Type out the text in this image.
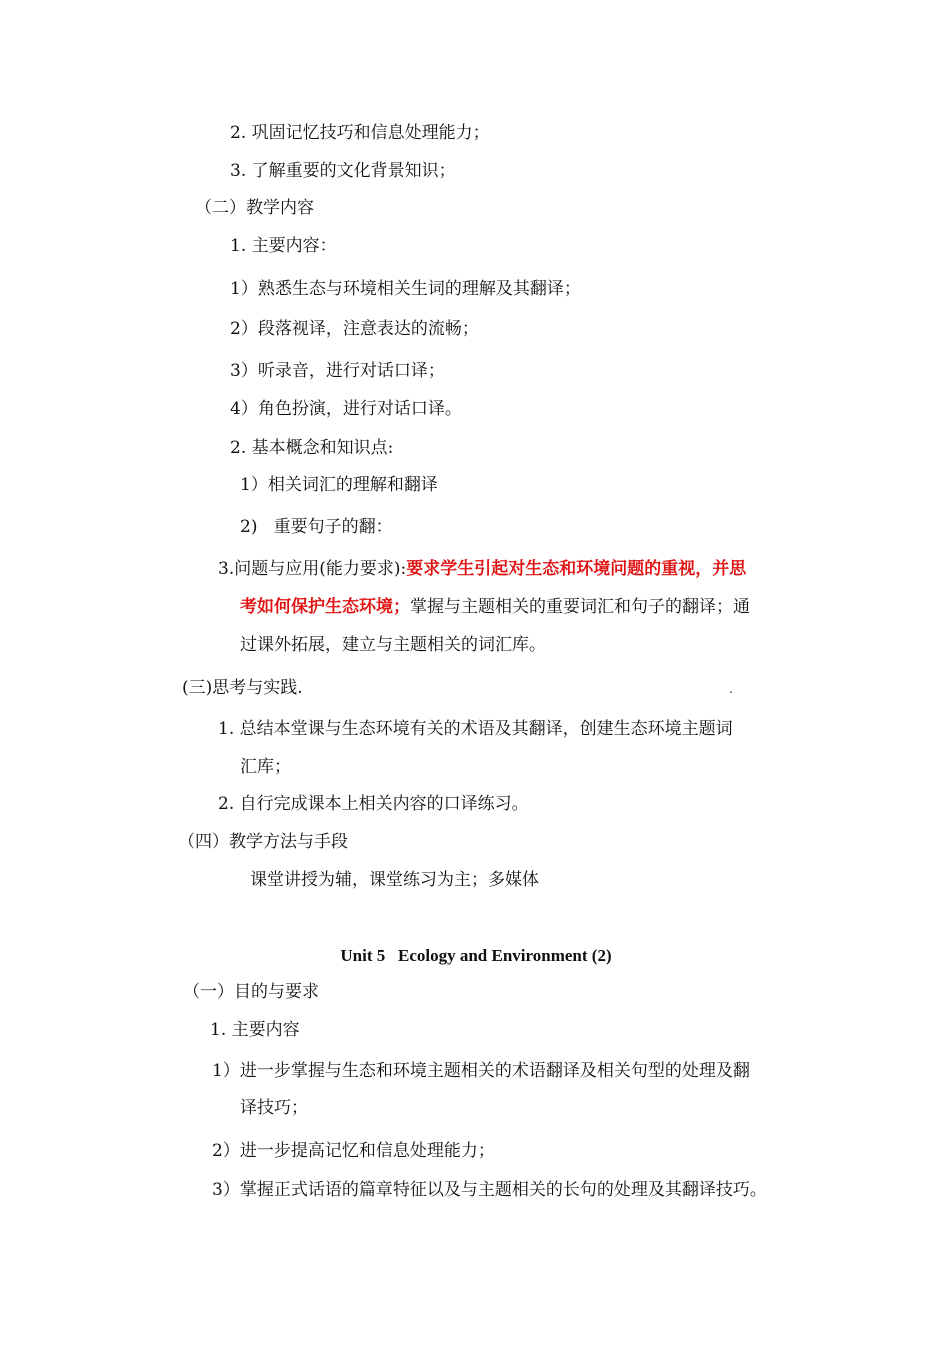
2. 巩固记忆技巧和信息处理能力；
3. 了解重要的文化背景知识；
（二）教学内容
1. 主要内容：
1）熟悉生态与环境相关生词的理解及其翻译；
2）段落视译，注意表达的流畅；
3）听录音，进行对话口译；
4）角色扮演，进行对话口译。
2. 基本概念和知识点:
1）相关词汇的理解和翻译
2)   重要句子的翻：
3.问题与应用(能力要求):要求学生引起对生态和环境问题的重视，并思
考如何保护生态环境；掌握与主题相关的重要词汇和句子的翻译；通
过课外拓展，建立与主题相关的词汇库。
(三)思考与实践.	.
1. 总结本堂课与生态环境有关的术语及其翻译，创建生态环境主题词
汇库；
2. 自行完成课本上相关内容的口译练习。
（四）教学方法与手段
课堂讲授为辅，课堂练习为主；多媒体
Unit 5   Ecology and Environment (2)
（一）目的与要求
1. 主要内容
1）进一步掌握与生态和环境主题相关的术语翻译及相关句型的处理及翻
译技巧；
2）进一步提高记忆和信息处理能力；
3）掌握正式话语的篇章特征以及与主题相关的长句的处理及其翻译技巧。
